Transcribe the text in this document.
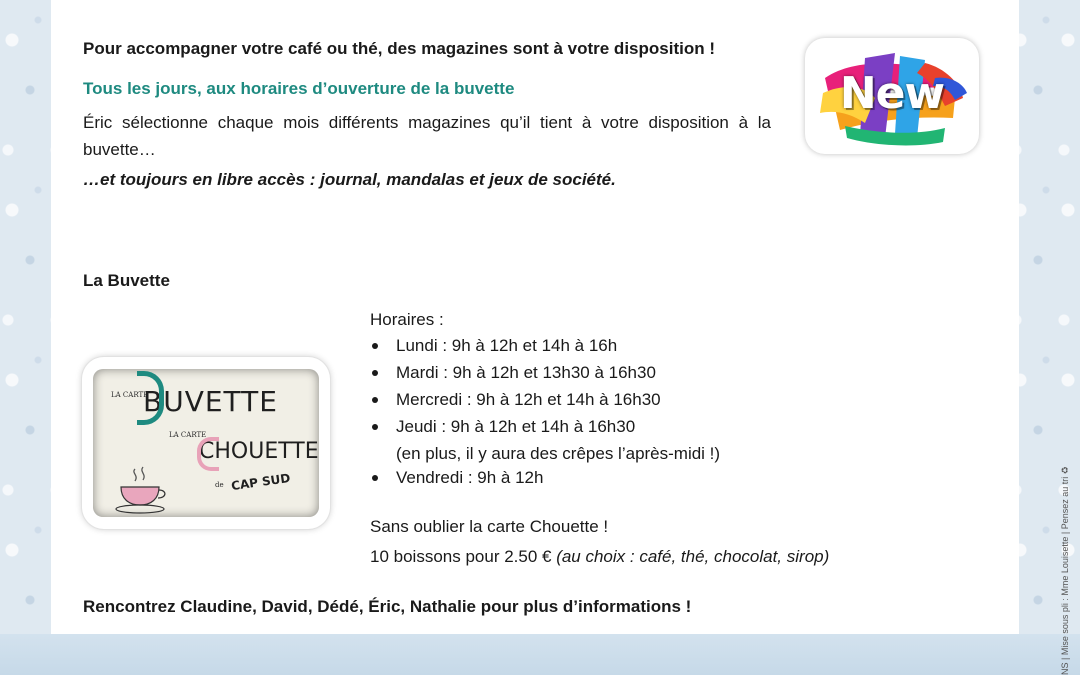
Pour accompagner votre café ou thé, des magazines sont à votre disposition !

Tous les jours, aux horaires d’ouverture de la buvette

Éric sélectionne chaque mois différents magazines qu’il tient à votre disposition à la buvette…

…et toujours en libre accès : journal, mandalas et jeux de société.

New

La Buvette

LA CARTE
BUVETTE
LA CARTE
CHOUETTE
de CAP SUD

Horaires :

Lundi : 9h à 12h et 14h à 16h
Mardi : 9h à 12h et 13h30 à 16h30
Mercredi : 9h à 12h et 14h à 16h30
Jeudi : 9h à 12h et 14h à 16h30
(en plus, il y aura des crêpes l’après-midi !)
Vendredi : 9h à 12h

Sans oublier la carte Chouette !

10 boissons pour 2.50 € (au choix : café, thé, chocolat, sirop)

Rencontrez Claudine, David, Dédé, Éric, Nathalie pour plus d’informations !	NS | Mise sous pli : Mme Louisette | Pensez au tri ♻
